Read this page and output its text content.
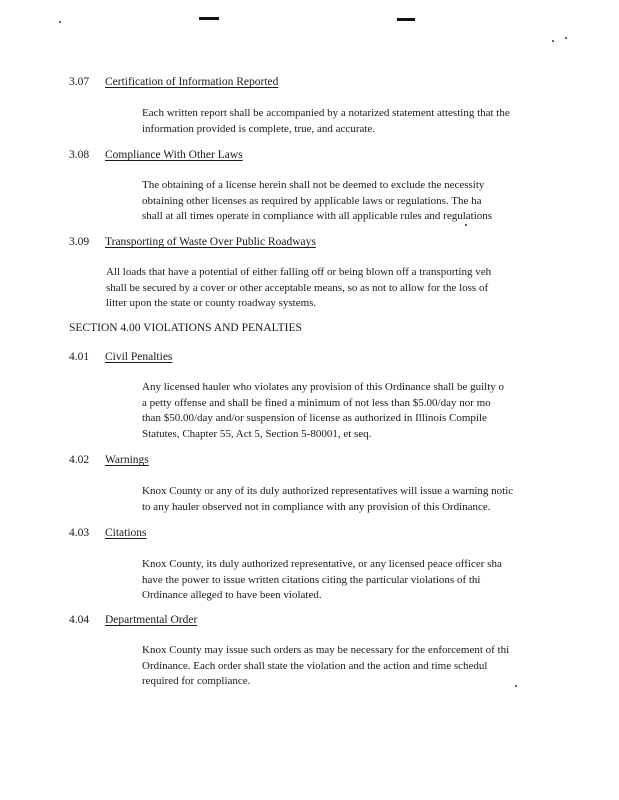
3.07 Certification of Information Reported
Each written report shall be accompanied by a notarized statement attesting that the
information provided is complete, true, and accurate.
3.08 Compliance With Other Laws
The obtaining of a license herein shall not be deemed to exclude the necessity
obtaining other licenses as required by applicable laws or regulations. The ha
shall at all times operate in compliance with all applicable rules and regulations
3.09 Transporting of Waste Over Public Roadways
All loads that have a potential of either falling off or being blown off a transporting veh
shall be secured by a cover or other acceptable means, so as not to allow for the loss of
litter upon the state or county roadway systems.
SECTION 4.00 VIOLATIONS AND PENALTIES
4.01 Civil Penalties
Any licensed hauler who violates any provision of this Ordinance shall be guilty o
a petty offense and shall be fined a minimum of not less than $5.00/day nor mo
than $50.00/day and/or suspension of license as authorized in Illinois Compile
Statutes, Chapter 55, Act 5, Section 5-80001, et seq.
4.02 Warnings
Knox County or any of its duly authorized representatives will issue a warning notic
to any hauler observed not in compliance with any provision of this Ordinance.
4.03 Citations
Knox County, its duly authorized representative, or any licensed peace officer sha
have the power to issue written citations citing the particular violations of thi
Ordinance alleged to have been violated.
4.04 Departmental Order
Knox County may issue such orders as may be necessary for the enforcement of thi
Ordinance. Each order shall state the violation and the action and time schedul
required for compliance.
